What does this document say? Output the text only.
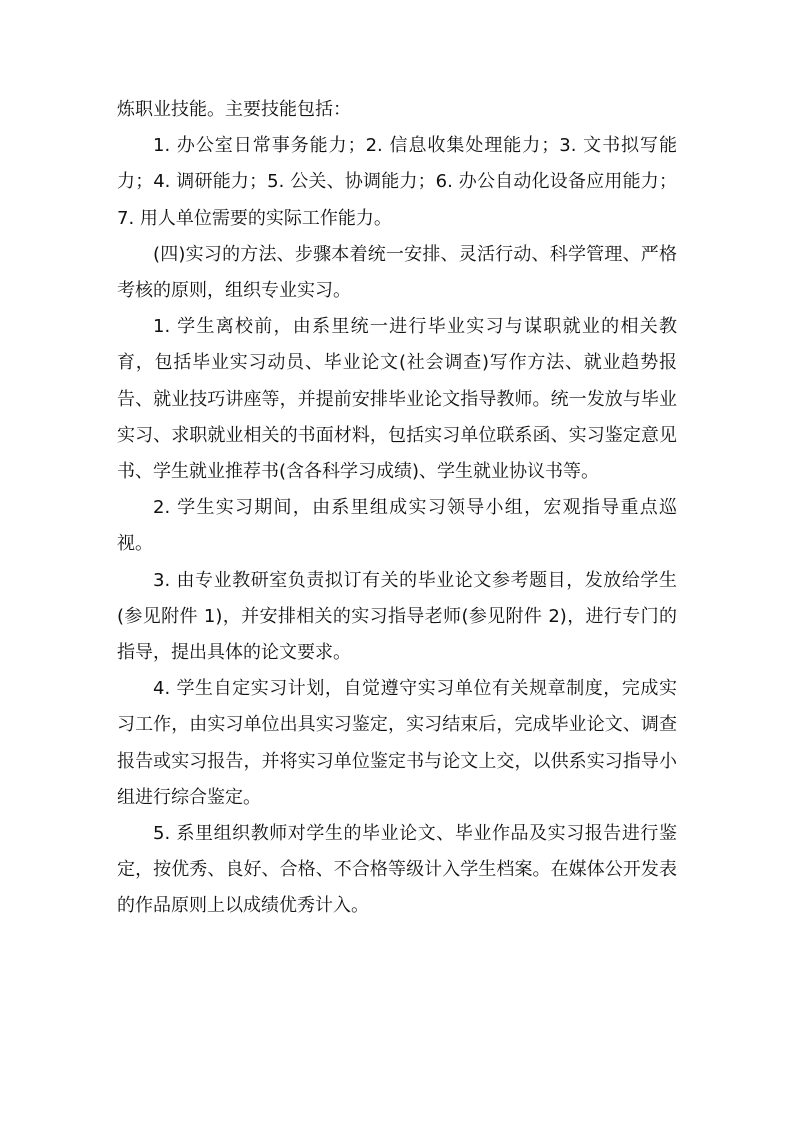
炼职业技能。主要技能包括：

1. 办公室日常事务能力；2. 信息收集处理能力；3. 文书拟写能力；4. 调研能力；5. 公关、协调能力；6. 办公自动化设备应用能力；7. 用人单位需要的实际工作能力。

(四)实习的方法、步骤本着统一安排、灵活行动、科学管理、严格考核的原则，组织专业实习。

1. 学生离校前，由系里统一进行毕业实习与谋职就业的相关教育，包括毕业实习动员、毕业论文(社会调查)写作方法、就业趋势报告、就业技巧讲座等，并提前安排毕业论文指导教师。统一发放与毕业实习、求职就业相关的书面材料，包括实习单位联系函、实习鉴定意见书、学生就业推荐书(含各科学习成绩)、学生就业协议书等。

2. 学生实习期间，由系里组成实习领导小组，宏观指导重点巡视。

3. 由专业教研室负责拟订有关的毕业论文参考题目，发放给学生(参见附件 1)，并安排相关的实习指导老师(参见附件 2)，进行专门的指导，提出具体的论文要求。

4. 学生自定实习计划，自觉遵守实习单位有关规章制度，完成实习工作，由实习单位出具实习鉴定，实习结束后，完成毕业论文、调查报告或实习报告，并将实习单位鉴定书与论文上交，以供系实习指导小组进行综合鉴定。

5. 系里组织教师对学生的毕业论文、毕业作品及实习报告进行鉴定，按优秀、良好、合格、不合格等级计入学生档案。在媒体公开发表的作品原则上以成绩优秀计入。
